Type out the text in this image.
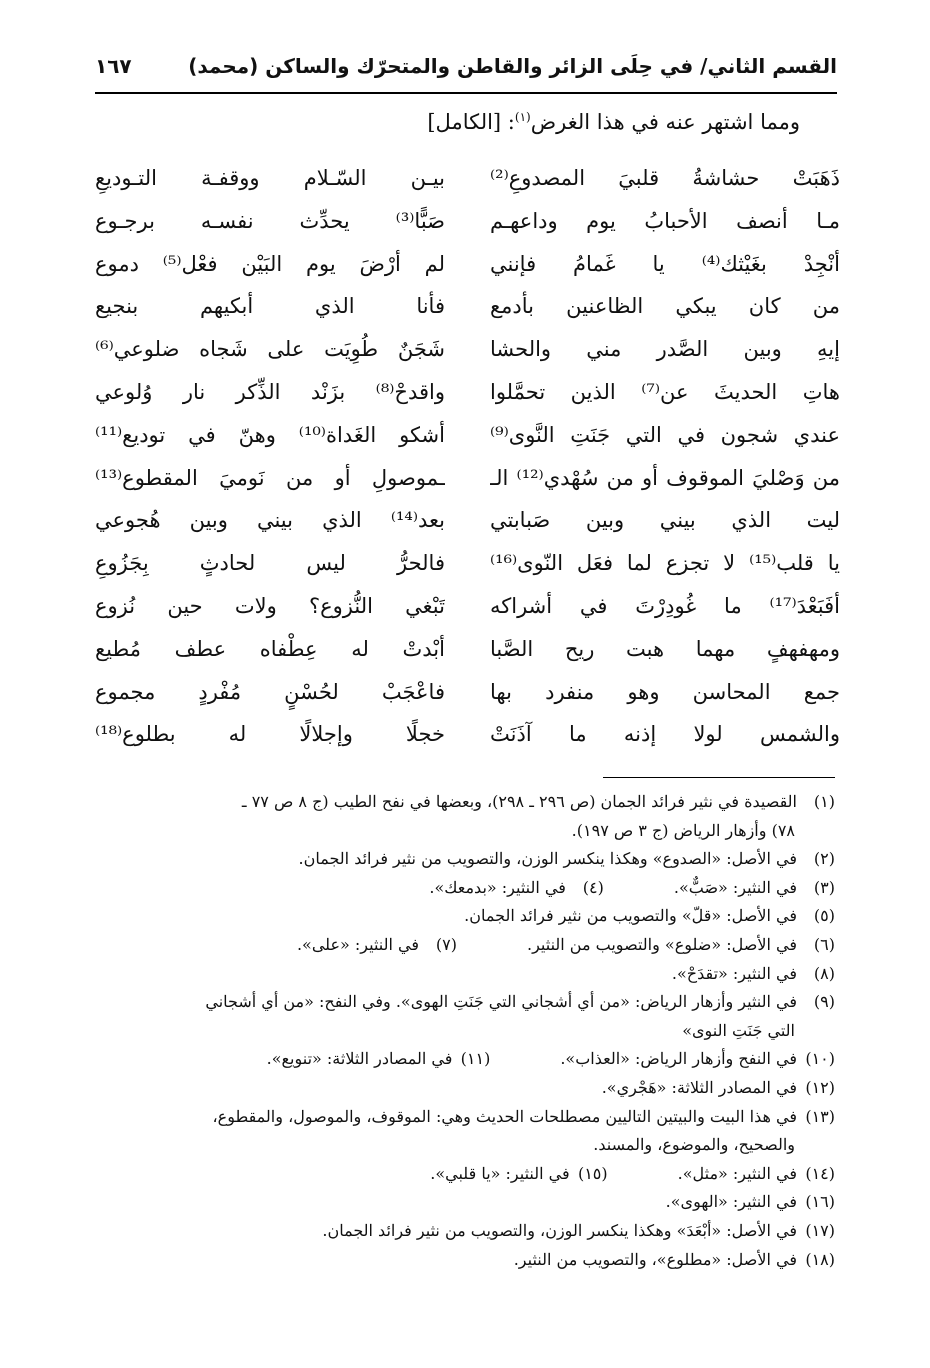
القسم الثاني/ في حِلَى الزائر والقاطن والمتحرّك والساكن (محمد)
١٦٧
ومما اشتهر عنه في هذا الغرض$^{(١)}$: [الكامل]
ذَهَبَتْ حشاشةُ قلبيَ المصدوعِ⁽²⁾
بيـن السّـلام ووقفـة التـوديعِ
مـا أنصف الأحبابُ يوم وداعهـم
صَبًّا⁽³⁾ يحدِّث نفسـه برجـوع
أنْجِدْ بغَيْثك⁽⁴⁾ يا غَمامُ فإنني
لم أرْضَ يوم البَيْن فعْل⁽⁵⁾ دموع
من كان يبكي الظاعنين بأدمع
فأنا الذي أبكيهم بنجيع
إيهِ وبين الصَّدر مني والحشا
شَجَنٌ طُوِيَت على شَجاه ضلوعي⁽⁶⁾
هاتِ الحديثَ عن⁽⁷⁾ الذين تحمَّلوا
واقدحْ⁽⁸⁾ بزَنْد الذِّكر نار وُلوعي
عندي شجون في التي جَنَتِ النَّوى⁽⁹⁾
أشكو الغَداة⁽¹⁰⁾ وهنّ في توديع⁽¹¹⁾
من وَصْليَ الموقوف أو من سُهْدي⁽¹²⁾ الـ
ـموصولِ أو من نَوميَ المقطوع⁽¹³⁾
ليت الذي بيني وبين صَبابتي
بعد⁽¹⁴⁾ الذي بيني وبين هُجوعي
يا قلب⁽¹⁵⁾ لا تجزع لما فعَل النّوى⁽¹⁶⁾
فالحرُّ ليس لحادثٍ بِجَزُوعِ
أفَبَعْدَ⁽¹⁷⁾ ما غُودِرْتَ في أشراكه
تَبْغي النُّزوع؟ ولات حين نُزوع
ومهفهفٍ مهما هبت ريح الصَّبا
أبْدتْ له عِطْفاه عطف مُطيع
جمع المحاسن وهو منفرد بها
فاعْجَبْ لحُسْنٍ مُفْردٍ مجموع
والشمس لولا إذنه ما آذَنَتْ
خجلًا وإجلالًا له بطلوع⁽¹⁸⁾
(١)القصيدة في نثير فرائد الجمان (ص ٢٩٦ ـ ٢٩٨)، وبعضها في نفح الطيب (ج ٨ ص ٧٧ ـ
٧٨) وأزهار الرياض (ج ٣ ص ١٩٧).
(٢)في الأصل: «الصدوع» وهكذا ينكسر الوزن، والتصويب من نثير فرائد الجمان.
(٣)في النثير: «صَبٌّ».(٤)في النثير: «بدمعك».
(٥)في الأصل: «قلّ» والتصويب من نثير فرائد الجمان.
(٦)في الأصل: «ضلوع» والتصويب من النثير.(٧)في النثير: «على».
(٨)في النثير: «تقدَحْ».
(٩)في النثير وأزهار الرياض: «من أي أشجاني التي جَنَتِ الهوى». وفي النفح: «من أي أشجاني
التي جَنَتِ النوى»
(١٠)في النفح وأزهار الرياض: «العذاب».(١١)في المصادر الثلاثة: «تنويع».
(١٢)في المصادر الثلاثة: «هَجْري».
(١٣)في هذا البيت والبيتين التاليين مصطلحات الحديث وهي: الموقوف، والموصول، والمقطوع،
والصحيح، والموضوع، والمسند.
(١٤)في النثير: «مثل».(١٥)في النثير: «يا قلبي».
(١٦)في النثير: «الهوى».
(١٧)في الأصل: «أبْعَدَ» وهكذا ينكسر الوزن، والتصويب من نثير فرائد الجمان.
(١٨)في الأصل: «مطلوع»، والتصويب من النثير.
